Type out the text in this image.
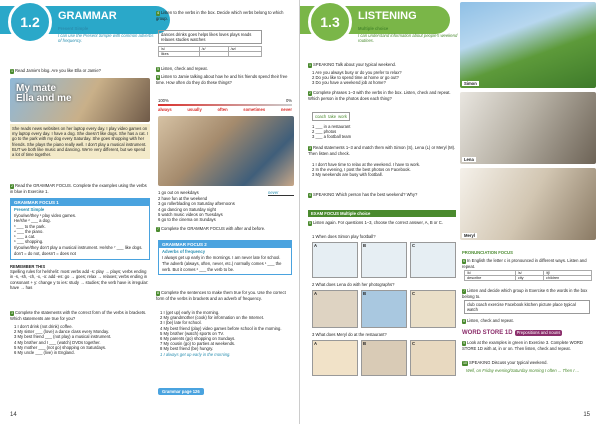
1.2	GRAMMAR
Present Simple
I can use the Present Simple with common adverbs of frequency.
1 Read Jamie's blog. Are you like Ella or Jamie?
My mate
Ella and me
She reads news websites on her laptop every day. I play video games on my laptop every day. I have a dog. She doesn't like dogs. She has a cat. I go to the park with my dog every Saturday. She goes shopping with her friends. She plays the piano really well. I don't play a musical instrument. BUT we both like music and dancing. We're very different, but we spend a lot of time together.
2 Read the GRAMMAR FOCUS. Complete the examples using the verbs in blue in Exercise 1.
GRAMMAR FOCUS 1
Present Simple
I/you/we/they ¹ play video games.
He/she ² ___ a dog.
³ ___ to the park.
⁴ ___ the piano.
⁵ ___ a cat.
⁶ ___ shopping.
I/you/we/they don't play a musical instrument. He/she ⁷ ___ like dogs.
don't = do not, doesn't = does not
REMEMBER THIS
Spelling rules for he/she/it: most verbs add -s: play → plays; verbs ending in -s, -sh, -ch, -x, -o: add -es: go → goes; relax → relaxes; verbs ending in consonant + y: change y to ies: study → studies; the verb have is irregular: have → has
3 Complete the statements with the correct form of the verbs in brackets. Which statements are true for you?
1 I don't drink (not drink) coffee.
2 My sister ___ (love) a dance class every Monday.
3 My best friend ___ (not play) a musical instrument.
4 My brother and I ___ (watch) DVDs together.
5 My mother ___ (not go) shopping on Saturdays.
6 My uncle ___ (live) in England.
4 Listen to the verbs in the box. Decide which verbs belong to which group.
dances drinks goes helps likes loves plays reads relaxes studies watches
/s/	/z/	/ɪz/
likes		
5 Listen, check and repeat.
6 Listen to Jamie talking about how he and his friends spend their free time. How often do they do these things?
100%	0%
always	usually	often	sometimes	never
1 go out on weekdays	never
2 have fun at the weekend
3 go rollerblading on Saturday afternoons
4 go dancing on Saturday night
5 watch music videos on Tuesdays
6 go to the cinema on Sundays
7 Complete the GRAMMAR FOCUS with after and before.
GRAMMAR FOCUS 2
Adverbs of frequency
I always get up early in the mornings. I am never late for school.
The adverb (always, often, never, etc.) normally comes ¹ ___ the verb. But it comes ² ___ the verb to be.
8 Complete the sentences to make them true for you. Use the correct form of the verbs in brackets and an adverb of frequency.
1 I (get up) early in the morning.
2 My grandmother (cook) for information on the Internet.
3 I (be) late for school.
4 My best friend (play) video games before school in the morning.
5 My brother (watch) sports on TV.
6 My parents (go) shopping on Sundays.
7 My cousin (go) to parties at weekends.
8 My best friend (be) hungry.
1 I always get up early in the morning.
Grammar page 126
14
1.3	LISTENING
Multiple choice
I can understand information about people's weekend routines.
1 SPEAKING Talk about your typical weekend.
1 Are you always busy or do you prefer to relax?
2 Do you like to spend time at home or go out?
3 Do you have a weekend job at home?
2 Complete phrases 1–3 with the verbs in the box. Listen, check and repeat. Which person in the photos does each thing?
coach take work
1 ___ in a restaurant
2 ___ photos
3 ___ a football team
3 Read statements 1–3 and match them with Simon (S), Lena (L) or Meryl (M). Then listen and check.
1 I don't have time to relax at the weekend. I have to work.
2 In the evening, I post the best photos on Facebook.
3 My weekends are busy with football.
4 SPEAKING Which person has the best weekend? Why?
EXAM FOCUS Multiple choice
5 Listen again. For questions 1–3, choose the correct answer, A, B or C.
1 When does Simon play football?
A	B	C
2 What does Lena do with her photographs?
A	B	C
3 What does Meryl do at the restaurant?
A	B	C
Simon
Lena
Meryl
PRONUNCIATION FOCUS
6 In English the letter c is pronounced in different ways. Listen and repeat.
/k/	/s/	/tʃ/
describe	city	children
7 Listen and decide which group in Exercise 6 the words in the box belong to.
club coach exercise Facebook kitchen picture place typical watch
8 Listen, check and repeat.
WORD STORE 1D Prepositions and nouns
9 Look at the examples in green in Exercise 3. Complete WORD STORE 1D with at, in or on. Then listen, check and repeat.
10 SPEAKING Discuss your typical weekend.
Well, on Friday evening/Saturday morning I often ... Then I ...
15
